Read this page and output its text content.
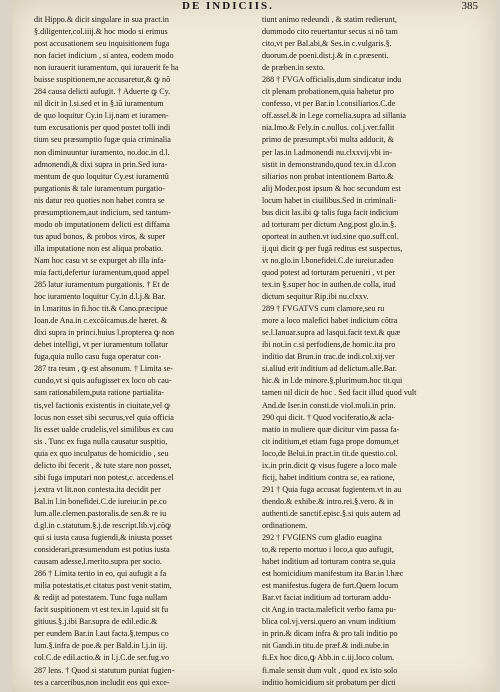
DE INDICIIS.	385
dit Hippo.& dicit singulare in sua pract.in
§.diligenter,col.iiij.& hoc modo si erimus
post accusationem seu inquisitionem fuga
non faciet indicium , si antea, eodem modo
non iurauerit iuramentum, qui iurauerit fe ha
buisse suspitionem,ne accusaretur,& ꝙ nō
284 causa delicti aufugit. † Aduerte ꝙ Cy.
nil dicit in l.si.sed et in §.iū iuramentum
de quo loquitur Cy.in l.ij.nam et iuramen-
tum excusationis per quod postet tolli indi
tium seu præsumptio fugæ quia criminalia
non diminuuntur iuramento, no.doc.in d.l.
admonendi,& dixi supra in prin.Sed iura-
mentum de quo loquitur Cy.est iuramentū
purgationis & tale iuramentum purgatio-
nis datur reo quoties non habet contra se
præsumptionem,aut indicium, sed tantum-
modo ob imputationem delicti est diffama
tus apud bonos, & probos viros, & super
illa imputatione non est aliqua probatio.
Nam hoc casu vt se expurget ab illa infa-
mia facti,defertur iuramentum,quod appel
285 latur iuramentum purgationis. † Et de
hoc iuramento loquitur Cy.in d.l.j.& Bar.
in l.maritus in fi.hoc tit.& Cano.præcipue
Ioan.de Ana.in c.excōicamus.de hæret. &
dixi supra in princi.huius l.propterea ꝙ non
debet intelligi, vt per iuramentum tollatur
fuga,quia nullo casu fuga operatur con-
287 tra reum , ꝙ est absonum. † Limita se-
cundo,vt si quis aufugisset ex loco ob cau-
sam rationabilem,puta ratione partialita-
tis,vel factionis existentis in ciuitate,vel ꝙ
locus non esset sibi securus,vel quia officia
lis esset ualde crudelis,vel similibus ex cau
sis . Tunc ex fuga nulla causatur suspitio,
quia ex quo inculpatus de homicidio , seu
delicto ibi fecerit , & tute stare non posset,
sibi fuga imputari non potest,c. accedens.el
j.extra vt lit.non contesta.ita decidit per
Bal.in l.in bonefidei.C.de iureiur.in pe.co
lum.alle.clemen.pastoralis.de sen.& re iu
d.gl.in c.statutum.§.j.de rescript.lib.vj.cōꝙ
qui si iusta causa fugiendi,& iniusta posset
considerari,præsumendum est potius iusta
causam adesse,l.merito.supra per socio.
286 † Limita tertio in eo, qui aufugit a fa
milia potestatis,et citatus post venit statim,
& redijt ad potestatem. Tunc fuga nullam
facit suspitionem vt est tex.in l.quid sit fu
gitiuus.§.j.ibi Bar.supra de edil.edic.&
per eundem Bar.in l.aut facta.§.tempus co
lum.§.infra de poe.& per Bald.in l.j.in iij.
col.C.de edil.actio.& in l.j.C.de ser.fug.vo
287 lens. † Quod si statutum puniat fugien-
tes a carceribus,non includit eos qui exce-
tiunt animo redeundi , & statim redierunt,
dummodo cito reuertantur secus si nō tam
cito,vt per Bal.abi,& Ses.in c.vulgaris.§.
duorum.de poeni.dist.j.& in c.præsenti.
de præben.in sexto.
288 † FVGA officialis,dum sindicatur indu
cit plenam probationem,quia habetur pro
confesso, vt per Bar.in l.consiliarios.C.de
off.assel.& in l.ege cornelia.supra ad sillania
nia.Imo.& Fely.in c.nullus. col.j.ver.fallit
primo de præsumpt.vbi multa adducit, &
per las.in l.admonendi nu.clxxvij.vbi in-
sistit in demonstrando,quod tex.in d.l.con
siliarios non probat intentionem Barto.&
alij Moder.post ipsum & hoc secundum est
locum habet in ciuilibus.Sed in criminali-
bus dicit las.ibi ꝙ talis fuga facit indicium
ad torturam per dictum Ang.post glo.in.§.
oporteat in authen.vt iud.sine quo.suff.col.
ij.qui dicit ꝙ per fugā reditus est suspectus,
vt no.glo.in l.bonefidei.C.de iureiur.adeo
quod potest ad torturam perueniri , vt per
tex.in §.super hoc in authen.de colla, itud
dictum sequitur Rip.ibi nu.clxxv.
289 † FVGATVS cum clamore,seu ru
more a loco malefici habet indicium cōtra
se.l.Ianuar.supra ad lasqui.facit text.& quæ
ibi not.in c.si perfodiens,de homic.ita pro
inditio dat Brun.in trac.de indi.col.xij.ver
si.aliud erit inditium ad delictum.alle.Bar.
hic.& in l.de minore.§.plurimum.hoc tit.qui
tamen nil dicit de hoc . Sed facit illud quod vult
And.de Iser.in consti.de viol.muli.in prin.
290 qui dicit. † Quod vociferatio,& acla-
matio in muliere quæ dicitur vim passa fa-
cit inditium,et etiam fuga prope domum,et
loco,de Belui.in pract.in tit.de questio.col.
ix.in prin.dicit ꝙ visus fugere a loco male
ficij, habet inditium contra se, ea ratione,
291 † Quia fuga accusat fugientem.vt in au
thendo.& exhibe.& intro.rei.§.vero. & in
authenti.de sanctif.episc.§.si quis autem ad
ordinationem.
292 † FVGIENS cum gladio euagina
to,& reperto mortuo i loco,a quo aufugit,
habet inditium ad torturam contra se,quia
est homicidium manifestum ita Bar.in l.hæc
est manifestus.fugera de furt.Quem locum
Bar.vt faciat inditium ad torturam addu-
cit Ang.in tracta.maleficit verbo fama pu-
blica col.vj.versi.quero an vnum inditium
in prin.& dicam infra & pro tali inditio po
nit Gandi.in titu.de præf.& indi.nube.in
fi.Ex hoc dico,ꝙ Abb.in c.iij.loco colum.
fi.male sensit dum vult , quod ex isto solo
inditio homicidium sit probatum per dicti
